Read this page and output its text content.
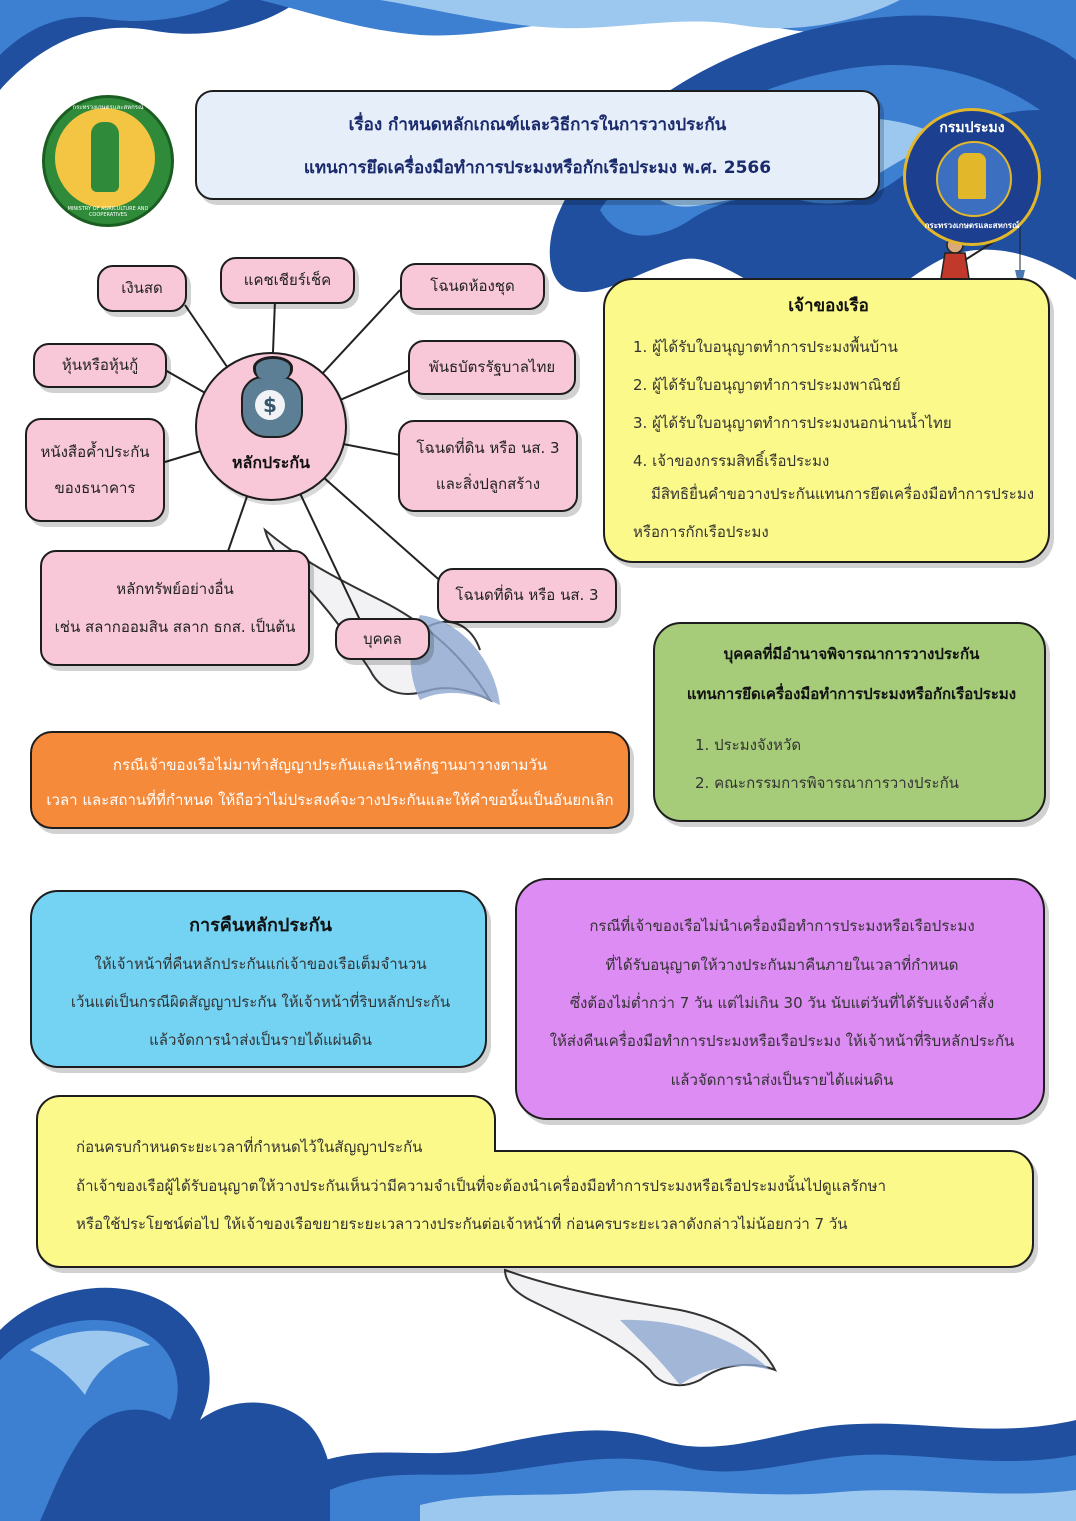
กระทรวงเกษตรและสหกรณ์
MINISTRY OF AGRICULTURE AND COOPERATIVES
กรมประมง
กระทรวงเกษตรและสหกรณ์
เรื่อง กำหนดหลักเกณฑ์และวิธีการในการวางประกัน
แทนการยึดเครื่องมือทำการประมงหรือกักเรือประมง พ.ศ. 2566
$
หลักประกัน
เงินสด	แคชเชียร์เช็ค	โฉนดห้องชุด
พันธบัตรรัฐบาลไทย
หุ้นหรือหุ้นกู้
หนังสือค้ำประกัน
ของธนาคาร
โฉนดที่ดิน หรือ นส. 3
และสิ่งปลูกสร้าง
หลักทรัพย์อย่างอื่น
เช่น สลากออมสิน สลาก ธกส. เป็นต้น
บุคคล
โฉนดที่ดิน หรือ นส. 3
เจ้าของเรือ
1. ผู้ได้รับใบอนุญาตทำการประมงพื้นบ้าน
2. ผู้ได้รับใบอนุญาตทำการประมงพาณิชย์
3. ผู้ได้รับใบอนุญาตทำการประมงนอกน่านน้ำไทย
4. เจ้าของกรรมสิทธิ์เรือประมง
มีสิทธิยื่นคำขอวางประกันแทนการยึดเครื่องมือทำการประมง
หรือการกักเรือประมง
บุคคลที่มีอำนาจพิจารณาการวางประกัน
แทนการยึดเครื่องมือทำการประมงหรือกักเรือประมง
1. ประมงจังหวัด
2. คณะกรรมการพิจารณาการวางประกัน
กรณีเจ้าของเรือไม่มาทำสัญญาประกันและนำหลักฐานมาวางตามวัน
เวลา และสถานที่ที่กำหนด ให้ถือว่าไม่ประสงค์จะวางประกันและให้คำขอนั้นเป็นอันยกเลิก
การคืนหลักประกัน
ให้เจ้าหน้าที่คืนหลักประกันแก่เจ้าของเรือเต็มจำนวน
เว้นแต่เป็นกรณีผิดสัญญาประกัน ให้เจ้าหน้าที่ริบหลักประกัน
แล้วจัดการนำส่งเป็นรายได้แผ่นดิน
กรณีที่เจ้าของเรือไม่นำเครื่องมือทำการประมงหรือเรือประมง
ที่ได้รับอนุญาตให้วางประกันมาคืนภายในเวลาที่กำหนด
ซึ่งต้องไม่ต่ำกว่า 7 วัน แต่ไม่เกิน 30 วัน นับแต่วันที่ได้รับแจ้งคำสั่ง
ให้ส่งคืนเครื่องมือทำการประมงหรือเรือประมง ให้เจ้าหน้าที่ริบหลักประกัน
แล้วจัดการนำส่งเป็นรายได้แผ่นดิน
ก่อนครบกำหนดระยะเวลาที่กำหนดไว้ในสัญญาประกัน
ถ้าเจ้าของเรือผู้ได้รับอนุญาตให้วางประกันเห็นว่ามีความจำเป็นที่จะต้องนำเครื่องมือทำการประมงหรือเรือประมงนั้นไปดูแลรักษา
หรือใช้ประโยชน์ต่อไป ให้เจ้าของเรือขยายระยะเวลาวางประกันต่อเจ้าหน้าที่ ก่อนครบระยะเวลาดังกล่าวไม่น้อยกว่า 7 วัน
